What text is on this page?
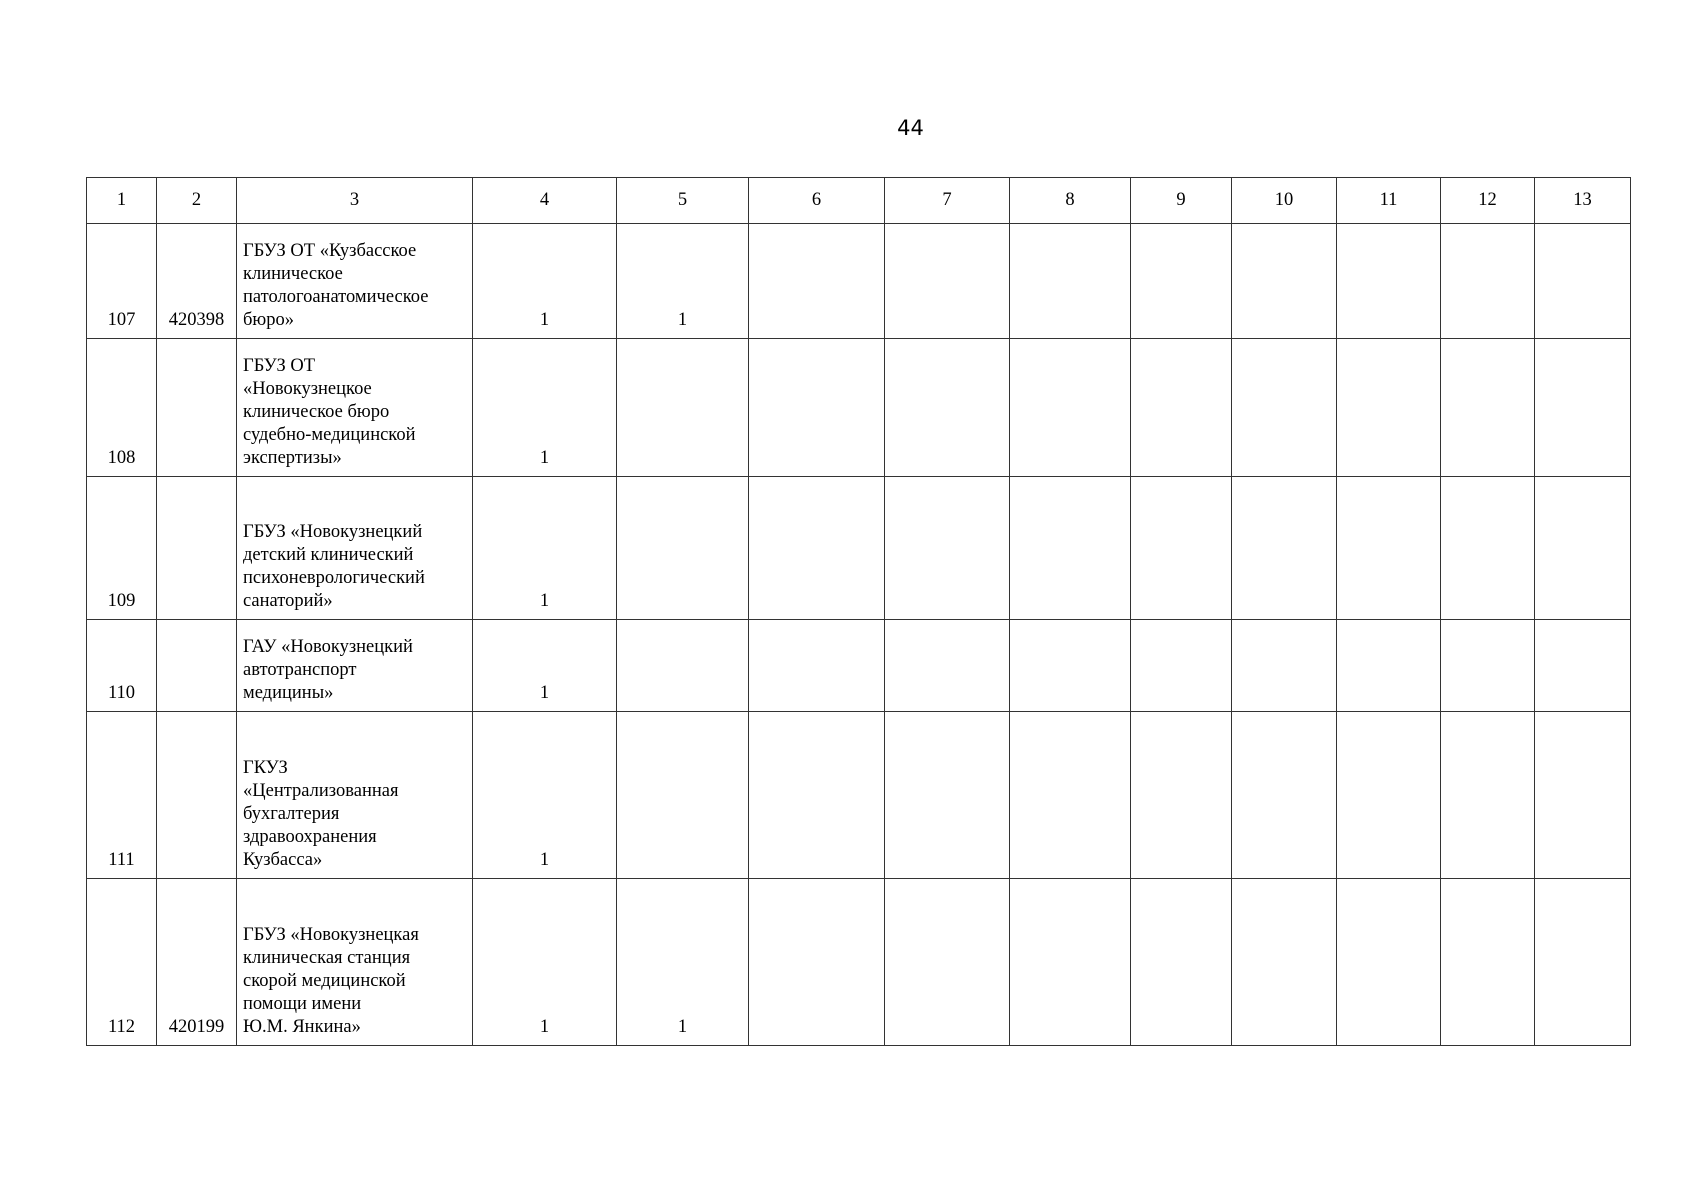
44
1	2	3	4	5	6	7	8	9	10	11	12	13
107	420398	ГБУЗ ОТ «Кузбасское
клиническое
патологоанатомическое
бюро»	1	1								
108		ГБУЗ ОТ
«Новокузнецкое
клиническое бюро
судебно-медицинской
экспертизы»	1									
109		ГБУЗ «Новокузнецкий
детский клинический
психоневрологический
санаторий»	1									
110		ГАУ «Новокузнецкий
автотранспорт
медицины»	1									
111		ГКУЗ
«Централизованная
бухгалтерия
здравоохранения
Кузбасса»	1									
112	420199	ГБУЗ «Новокузнецкая
клиническая станция
скорой медицинской
помощи имени
Ю.М. Янкина»	1	1								
